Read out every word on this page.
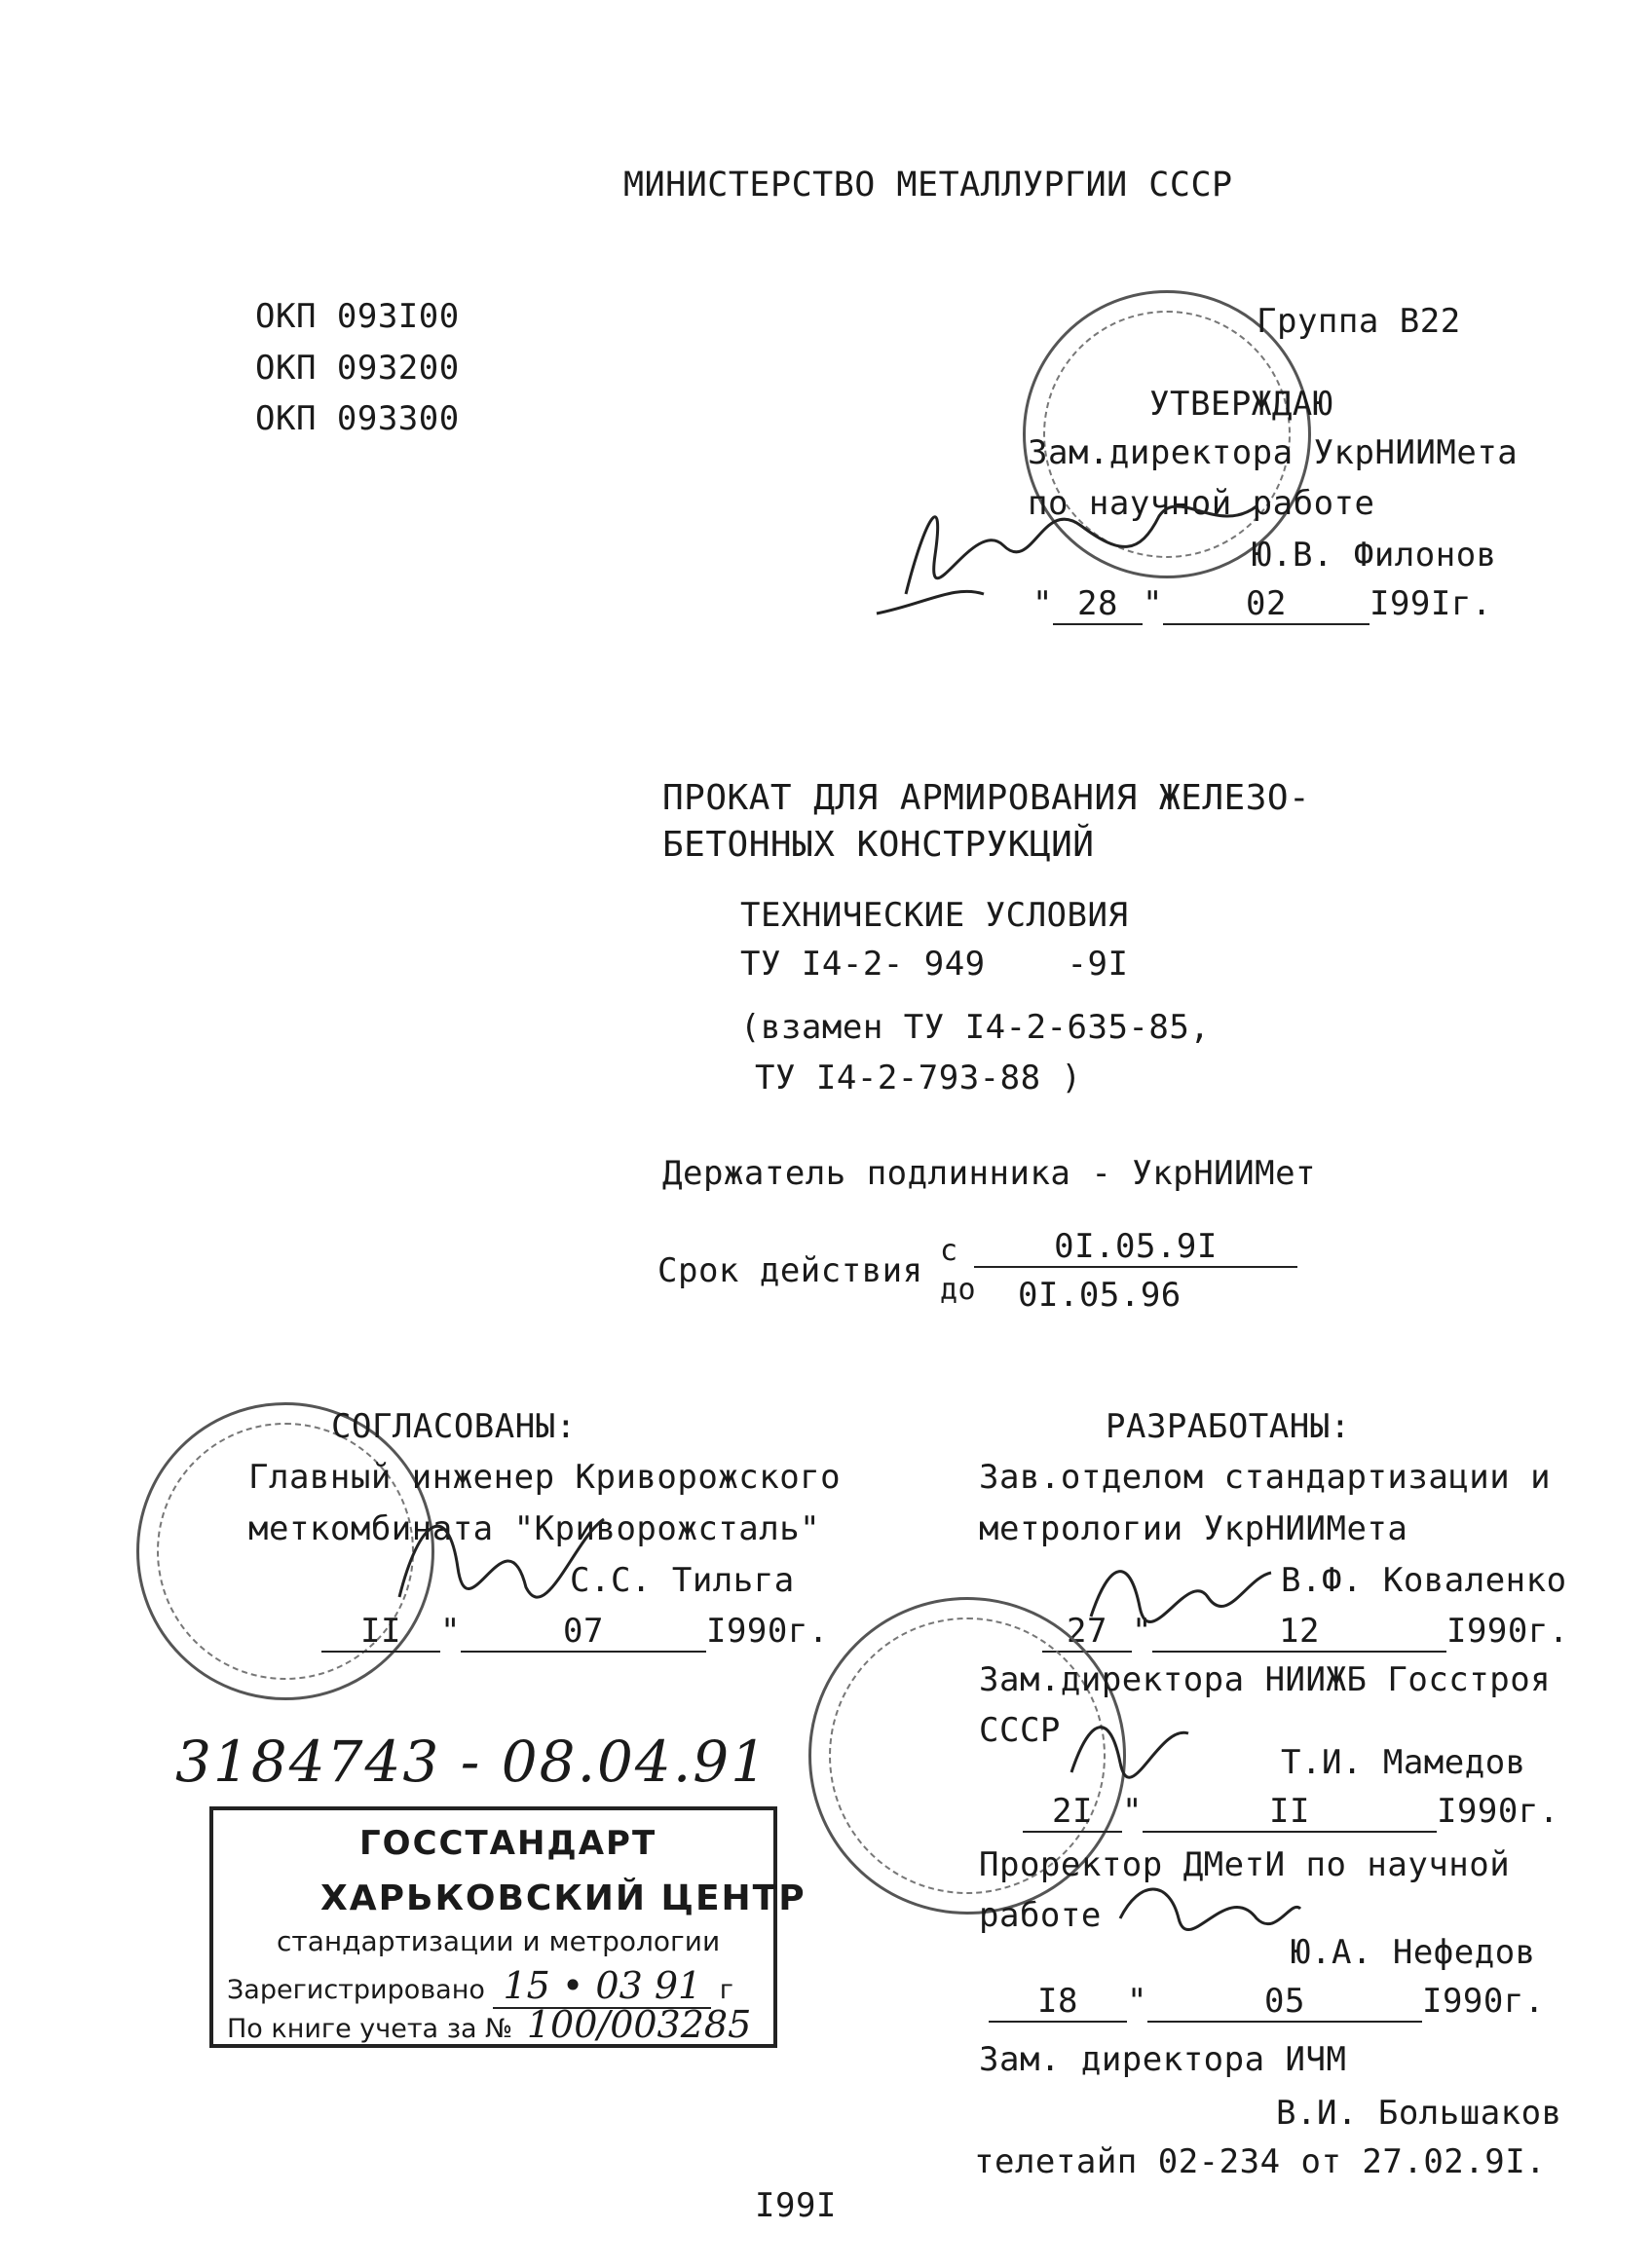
МИНИСТЕРСТВО МЕТАЛЛУРГИИ СССР
ОКП 093I00
ОКП 093200
ОКП 093300
Группа В22
УТВЕРЖДАЮ
Зам.директора УкрНИИМета
по научной работе
Ю.В. Филонов
" 28 "	02	I99Iг.
ПРОКАТ ДЛЯ АРМИРОВАНИЯ ЖЕЛЕЗО-
БЕТОННЫХ КОНСТРУКЦИЙ
ТЕХНИЧЕСКИЕ УСЛОВИЯ
ТУ I4-2- 949    -9I
(взамен ТУ I4-2-635-85,
ТУ I4-2-793-88 )
Держатель подлинника - УкрНИИМет
Срок действия
с	0I.05.9I
до 0I.05.96
СОГЛАСОВАНЫ:
Главный инженер Криворожского
меткомбината "Криворожсталь"
С.С. Тильга
II "	07	I990г.
РАЗРАБОТАНЫ:
Зав.отделом стандартизации и
метрологии УкрНИИМета
В.Ф. Коваленко
27 "	12	I990г.
Зам.директора НИИЖБ Госстроя
СССР
Т.И. Мамедов
2I "	II	I990г.
Проректор ДМетИ по научной
работе
Ю.А. Нефедов
I8 "	05	I990г.
Зам. директора ИЧМ
В.И. Большаков
телетайп 02-234 от 27.02.9I.
3184743 - 08.04.91
ГОССТАНДАРТ
ХАРЬКОВСКИЙ ЦЕНТР
стандартизации и метрологии
Зарегистрировано 15 • 03 91 г
По книге учета за № 100/003285
I99I
